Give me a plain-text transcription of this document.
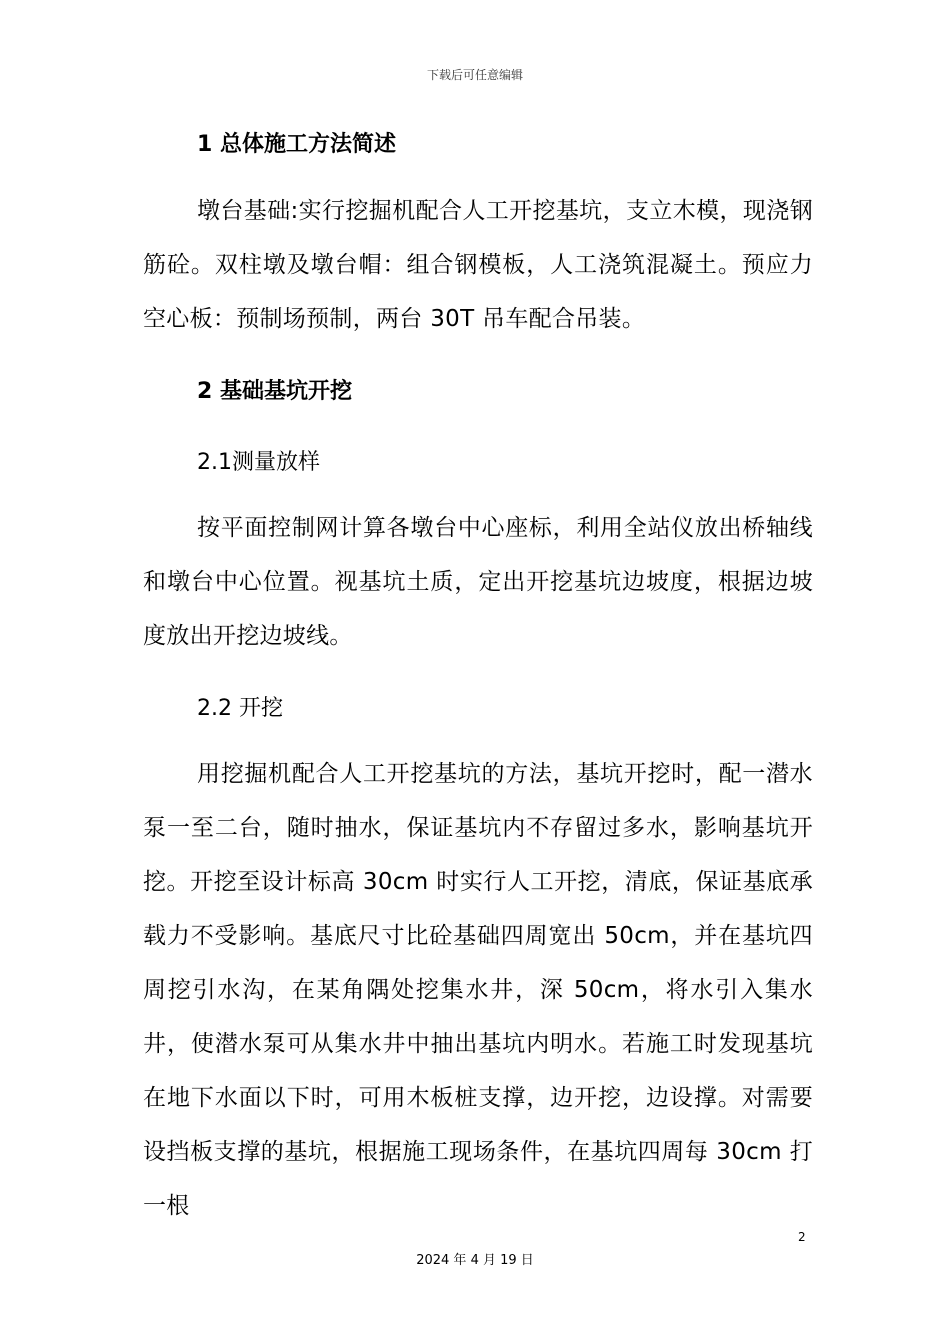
下载后可任意编辑
1 总体施工方法简述

墩台基础:实行挖掘机配合人工开挖基坑，支立木模，现浇钢筋砼。双柱墩及墩台帽：组合钢模板，人工浇筑混凝土。预应力空心板：预制场预制，两台 30T 吊车配合吊装。

2 基础基坑开挖
2.1测量放样

按平面控制网计算各墩台中心座标，利用全站仪放出桥轴线和墩台中心位置。视基坑土质，定出开挖基坑边坡度，根据边坡度放出开挖边坡线。

2.2 开挖

用挖掘机配合人工开挖基坑的方法，基坑开挖时，配一潜水泵一至二台，随时抽水，保证基坑内不存留过多水，影响基坑开挖。开挖至设计标高 30cm 时实行人工开挖，清底，保证基底承载力不受影响。基底尺寸比砼基础四周宽出 50cm，并在基坑四周挖引水沟，在某角隅处挖集水井，深 50cm，将水引入集水井，使潜水泵可从集水井中抽出基坑内明水。若施工时发现基坑在地下水面以下时，可用木板桩支撑，边开挖，边设撑。对需要设挡板支撑的基坑，根据施工现场条件，在基坑四周每 30cm 打一根

2
2024 年 4 月 19 日
